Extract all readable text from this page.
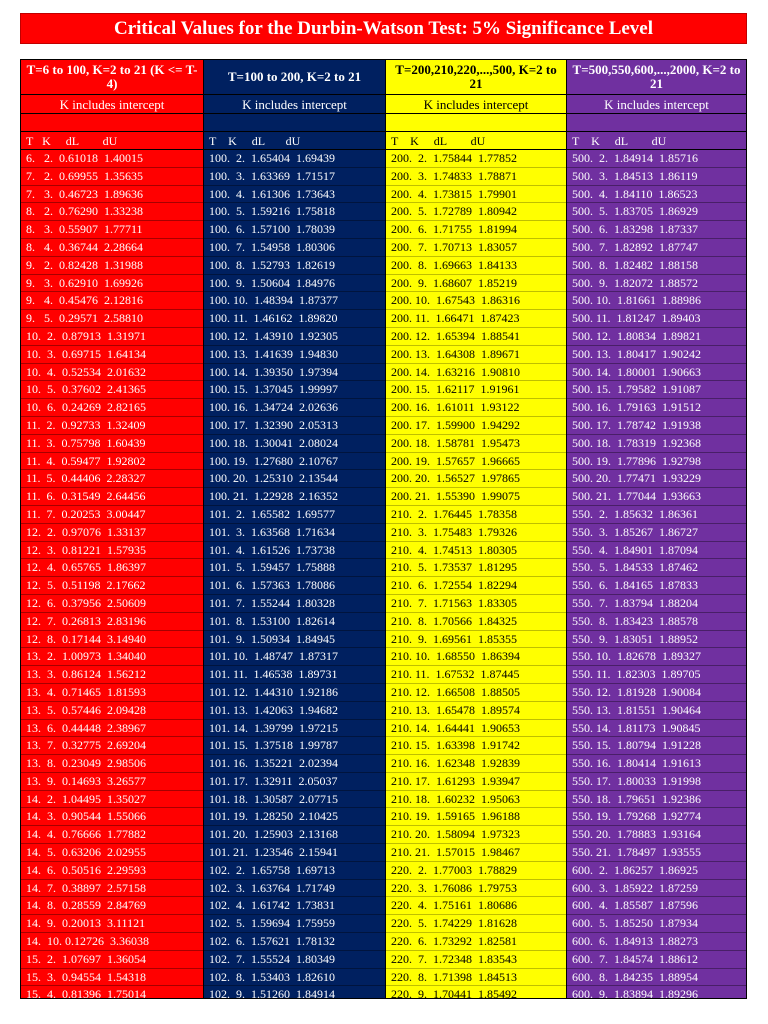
Critical Values for the Durbin-Watson Test: 5% Significance Level
T=6 to 100, K=2 to 21 (K <= T-4)
K includes intercept
T   K     dL        dU
6.   2.  0.61018  1.40015
7.   2.  0.69955  1.35635
7.   3.  0.46723  1.89636
8.   2.  0.76290  1.33238
8.   3.  0.55907  1.77711
8.   4.  0.36744  2.28664
9.   2.  0.82428  1.31988
9.   3.  0.62910  1.69926
9.   4.  0.45476  2.12816
9.   5.  0.29571  2.58810
10.  2.  0.87913  1.31971
10.  3.  0.69715  1.64134
10.  4.  0.52534  2.01632
10.  5.  0.37602  2.41365
10.  6.  0.24269  2.82165
11.  2.  0.92733  1.32409
11.  3.  0.75798  1.60439
11.  4.  0.59477  1.92802
11.  5.  0.44406  2.28327
11.  6.  0.31549  2.64456
11.  7.  0.20253  3.00447
12.  2.  0.97076  1.33137
12.  3.  0.81221  1.57935
12.  4.  0.65765  1.86397
12.  5.  0.51198  2.17662
12.  6.  0.37956  2.50609
12.  7.  0.26813  2.83196
12.  8.  0.17144  3.14940
13.  2.  1.00973  1.34040
13.  3.  0.86124  1.56212
13.  4.  0.71465  1.81593
13.  5.  0.57446  2.09428
13.  6.  0.44448  2.38967
13.  7.  0.32775  2.69204
13.  8.  0.23049  2.98506
13.  9.  0.14693  3.26577
14.  2.  1.04495  1.35027
14.  3.  0.90544  1.55066
14.  4.  0.76666  1.77882
14.  5.  0.63206  2.02955
14.  6.  0.50516  2.29593
14.  7.  0.38897  2.57158
14.  8.  0.28559  2.84769
14.  9.  0.20013  3.11121
14.  10. 0.12726  3.36038
15.  2.  1.07697  1.36054
15.  3.  0.94554  1.54318
15.  4.  0.81396  1.75014
T=100 to 200, K=2 to 21
K includes intercept
T    K     dL       dU
100.  2.  1.65404  1.69439
100.  3.  1.63369  1.71517
100.  4.  1.61306  1.73643
100.  5.  1.59216  1.75818
100.  6.  1.57100  1.78039
100.  7.  1.54958  1.80306
100.  8.  1.52793  1.82619
100.  9.  1.50604  1.84976
100. 10.  1.48394  1.87377
100. 11.  1.46162  1.89820
100. 12.  1.43910  1.92305
100. 13.  1.41639  1.94830
100. 14.  1.39350  1.97394
100. 15.  1.37045  1.99997
100. 16.  1.34724  2.02636
100. 17.  1.32390  2.05313
100. 18.  1.30041  2.08024
100. 19.  1.27680  2.10767
100. 20.  1.25310  2.13544
100. 21.  1.22928  2.16352
101.  2.  1.65582  1.69577
101.  3.  1.63568  1.71634
101.  4.  1.61526  1.73738
101.  5.  1.59457  1.75888
101.  6.  1.57363  1.78086
101.  7.  1.55244  1.80328
101.  8.  1.53100  1.82614
101.  9.  1.50934  1.84945
101. 10.  1.48747  1.87317
101. 11.  1.46538  1.89731
101. 12.  1.44310  1.92186
101. 13.  1.42063  1.94682
101. 14.  1.39799  1.97215
101. 15.  1.37518  1.99787
101. 16.  1.35221  2.02394
101. 17.  1.32911  2.05037
101. 18.  1.30587  2.07715
101. 19.  1.28250  2.10425
101. 20.  1.25903  2.13168
101. 21.  1.23546  2.15941
102.  2.  1.65758  1.69713
102.  3.  1.63764  1.71749
102.  4.  1.61742  1.73831
102.  5.  1.59694  1.75959
102.  6.  1.57621  1.78132
102.  7.  1.55524  1.80349
102.  8.  1.53403  1.82610
102.  9.  1.51260  1.84914
T=200,210,220,...,500, K=2 to 21
K includes intercept
T    K     dL        dU
200.  2.  1.75844  1.77852
200.  3.  1.74833  1.78871
200.  4.  1.73815  1.79901
200.  5.  1.72789  1.80942
200.  6.  1.71755  1.81994
200.  7.  1.70713  1.83057
200.  8.  1.69663  1.84133
200.  9.  1.68607  1.85219
200. 10.  1.67543  1.86316
200. 11.  1.66471  1.87423
200. 12.  1.65394  1.88541
200. 13.  1.64308  1.89671
200. 14.  1.63216  1.90810
200. 15.  1.62117  1.91961
200. 16.  1.61011  1.93122
200. 17.  1.59900  1.94292
200. 18.  1.58781  1.95473
200. 19.  1.57657  1.96665
200. 20.  1.56527  1.97865
200. 21.  1.55390  1.99075
210.  2.  1.76445  1.78358
210.  3.  1.75483  1.79326
210.  4.  1.74513  1.80305
210.  5.  1.73537  1.81295
210.  6.  1.72554  1.82294
210.  7.  1.71563  1.83305
210.  8.  1.70566  1.84325
210.  9.  1.69561  1.85355
210. 10.  1.68550  1.86394
210. 11.  1.67532  1.87445
210. 12.  1.66508  1.88505
210. 13.  1.65478  1.89574
210. 14.  1.64441  1.90653
210. 15.  1.63398  1.91742
210. 16.  1.62348  1.92839
210. 17.  1.61293  1.93947
210. 18.  1.60232  1.95063
210. 19.  1.59165  1.96188
210. 20.  1.58094  1.97323
210. 21.  1.57015  1.98467
220.  2.  1.77003  1.78829
220.  3.  1.76086  1.79753
220.  4.  1.75161  1.80686
220.  5.  1.74229  1.81628
220.  6.  1.73292  1.82581
220.  7.  1.72348  1.83543
220.  8.  1.71398  1.84513
220.  9.  1.70441  1.85492
T=500,550,600,...,2000, K=2 to 21
K includes intercept
T    K     dL        dU
500.  2.  1.84914  1.85716
500.  3.  1.84513  1.86119
500.  4.  1.84110  1.86523
500.  5.  1.83705  1.86929
500.  6.  1.83298  1.87337
500.  7.  1.82892  1.87747
500.  8.  1.82482  1.88158
500.  9.  1.82072  1.88572
500. 10.  1.81661  1.88986
500. 11.  1.81247  1.89403
500. 12.  1.80834  1.89821
500. 13.  1.80417  1.90242
500. 14.  1.80001  1.90663
500. 15.  1.79582  1.91087
500. 16.  1.79163  1.91512
500. 17.  1.78742  1.91938
500. 18.  1.78319  1.92368
500. 19.  1.77896  1.92798
500. 20.  1.77471  1.93229
500. 21.  1.77044  1.93663
550.  2.  1.85632  1.86361
550.  3.  1.85267  1.86727
550.  4.  1.84901  1.87094
550.  5.  1.84533  1.87462
550.  6.  1.84165  1.87833
550.  7.  1.83794  1.88204
550.  8.  1.83423  1.88578
550.  9.  1.83051  1.88952
550. 10.  1.82678  1.89327
550. 11.  1.82303  1.89705
550. 12.  1.81928  1.90084
550. 13.  1.81551  1.90464
550. 14.  1.81173  1.90845
550. 15.  1.80794  1.91228
550. 16.  1.80414  1.91613
550. 17.  1.80033  1.91998
550. 18.  1.79651  1.92386
550. 19.  1.79268  1.92774
550. 20.  1.78883  1.93164
550. 21.  1.78497  1.93555
600.  2.  1.86257  1.86925
600.  3.  1.85922  1.87259
600.  4.  1.85587  1.87596
600.  5.  1.85250  1.87934
600.  6.  1.84913  1.88273
600.  7.  1.84574  1.88612
600.  8.  1.84235  1.88954
600.  9.  1.83894  1.89296
